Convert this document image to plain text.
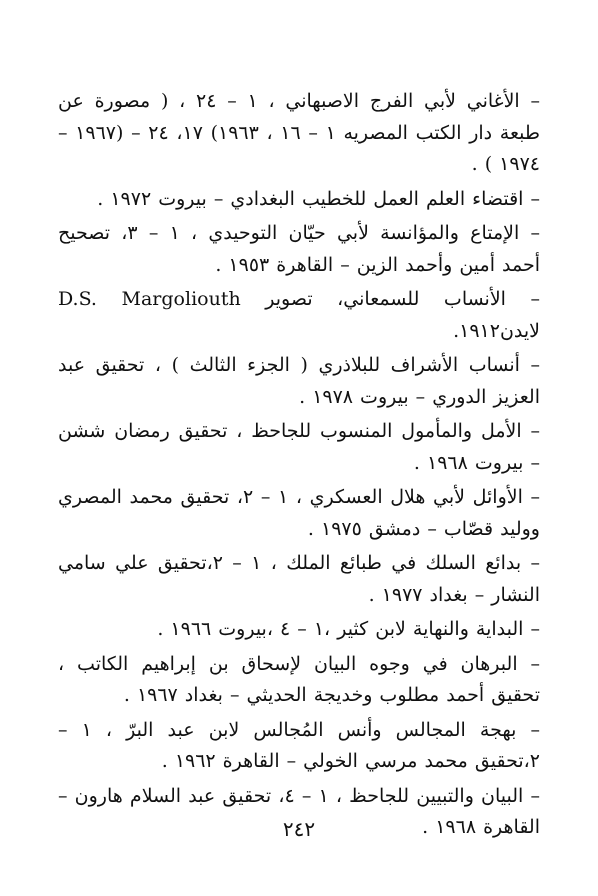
– الأغاني لأبي الفرج الاصبهاني ، ١ – ٢٤ ، ( مصورة عن طبعة دار الكتب المصريه ١ – ١٦ ، ١٩٦٣) ١٧، ٢٤ – (١٩٦٧ – ١٩٧٤ ) .

– اقتضاء العلم العمل للخطيب البغدادي – بيروت ١٩٧٢ .

– الإمتاع والمؤانسة لأبي حيّان التوحيدي ، ١ – ٣، تصحيح أحمد أمين وأحمد الزين – القاهرة ١٩٥٣ .

– الأنساب للسمعاني، تصوير D.S. Margoliouth لايدن١٩١٢.

– أنساب الأشراف للبلاذري ( الجزء الثالث ) ، تحقيق عبد العزيز الدوري – بيروت ١٩٧٨ .

– الأمل والمأمول المنسوب للجاحظ ، تحقيق رمضان ششن – بيروت ١٩٦٨ .

– الأوائل لأبي هلال العسكري ، ١ – ٢، تحقيق محمد المصري ووليد قصّاب – دمشق ١٩٧٥ .

– بدائع السلك في طبائع الملك ، ١ – ٢،تحقيق علي سامي النشار – بغداد ١٩٧٧ .

– البداية والنهاية لابن كثير ،١ – ٤ ،بيروت ١٩٦٦ .

– البرهان في وجوه البيان لإسحاق بن إبراهيم الكاتب ، تحقيق أحمد مطلوب وخديجة الحديثي – بغداد ١٩٦٧ .

– بهجة المجالس وأنس المُجالس لابن عبد البرّ ، ١ – ٢،تحقيق محمد مرسي الخولي – القاهرة ١٩٦٢ .

– البيان والتبيين للجاحظ ، ١ – ٤، تحقيق عبد السلام هارون – القاهرة ١٩٦٨ .

٢٤٢
